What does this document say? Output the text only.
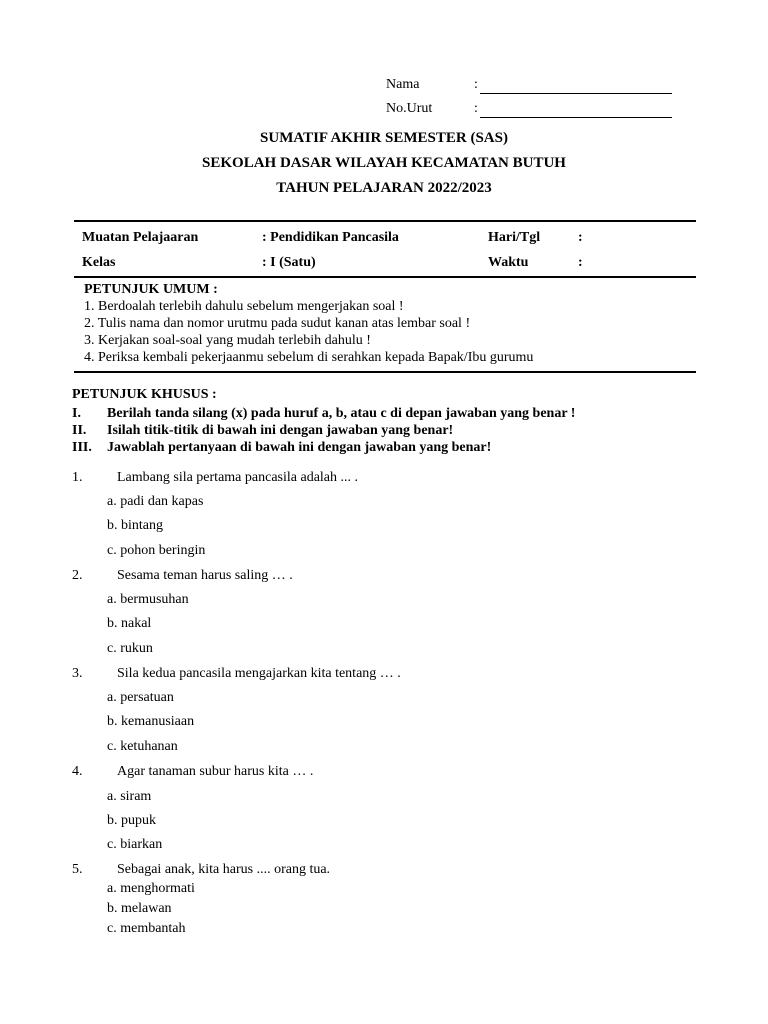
Nama	:
No.Urut	:
SUMATIF AKHIR SEMESTER (SAS)
SEKOLAH DASAR WILAYAH KECAMATAN BUTUH
TAHUN PELAJARAN 2022/2023
Muatan Pelajaaran	: Pendidikan Pancasila	Hari/Tgl	:
Kelas	: I (Satu)	Waktu	:
PETUNJUK UMUM :
1. Berdoalah terlebih dahulu sebelum mengerjakan soal !
2. Tulis nama dan nomor urutmu pada sudut kanan atas lembar soal !
3. Kerjakan soal-soal yang mudah terlebih dahulu !
4. Periksa kembali pekerjaanmu sebelum di serahkan kepada Bapak/Ibu gurumu
PETUNJUK KHUSUS :
I. Berilah tanda silang (x) pada huruf a, b, atau c di depan jawaban yang benar !
II. Isilah titik-titik di bawah ini dengan jawaban yang benar!
III. Jawablah pertanyaan di bawah ini dengan jawaban yang benar!
1. Lambang sila pertama pancasila adalah ... .
a. padi dan kapas
b. bintang
c. pohon beringin
2. Sesama teman harus saling … .
a. bermusuhan
b. nakal
c. rukun
3. Sila kedua pancasila mengajarkan kita tentang … .
a. persatuan
b. kemanusiaan
c. ketuhanan
4. Agar tanaman subur harus kita … .
a. siram
b. pupuk
c. biarkan
5. Sebagai anak, kita harus .... orang tua.
a. menghormati
b. melawan
c. membantah
